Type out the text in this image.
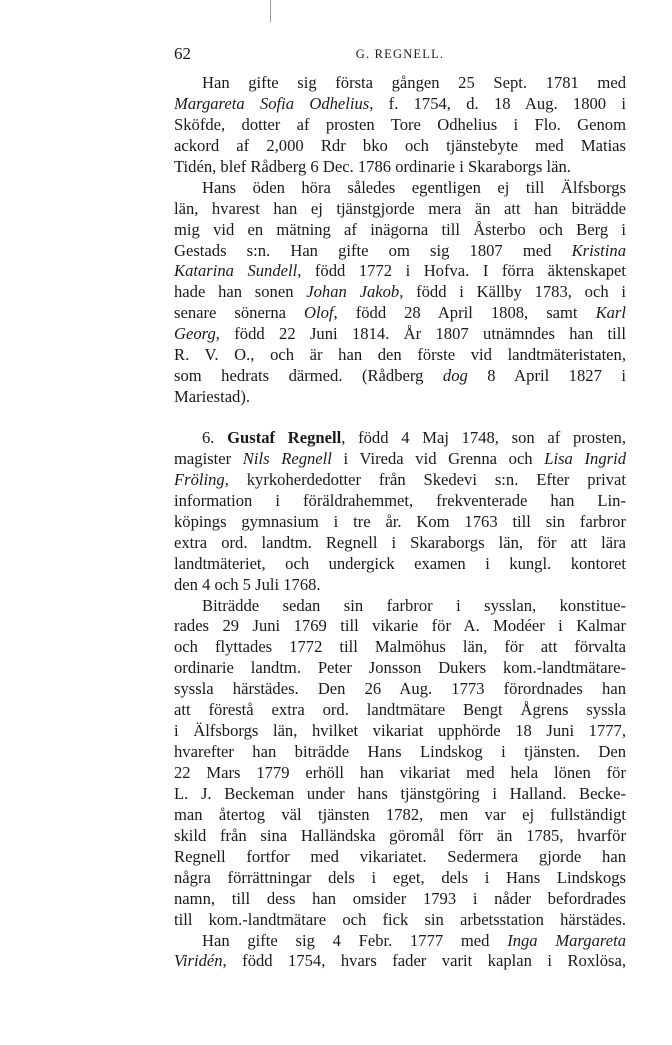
62	G. REGNELL.
Han gifte sig första gången 25 Sept. 1781 med
Margareta Sofia Odhelius, f. 1754, d. 18 Aug. 1800 i
Sköfde, dotter af prosten Tore Odhelius i Flo. Genom
ackord af 2,000 Rdr bko och tjänstebyte med Matias
Tidén, blef Rådberg 6 Dec. 1786 ordinarie i Skaraborgs län.
Hans öden höra således egentligen ej till Älfsborgs
län, hvarest han ej tjänstgjorde mera än att han biträdde
mig vid en mätning af inägorna till Åsterbo och Berg i
Gestads s:n. Han gifte om sig 1807 med Kristina
Katarina Sundell, född 1772 i Hofva. I förra äktenskapet
hade han sonen Johan Jakob, född i Källby 1783, och i
senare sönerna Olof, född 28 April 1808, samt Karl
Georg, född 22 Juni 1814. År 1807 utnämndes han till
R. V. O., och är han den förste vid landtmäteristaten,
som hedrats därmed. (Rådberg dog 8 April 1827 i
Mariestad).
6. Gustaf Regnell, född 4 Maj 1748, son af prosten,
magister Nils Regnell i Vireda vid Grenna och Lisa Ingrid
Fröling, kyrkoherdedotter från Skedevi s:n. Efter privat
information i föräldrahemmet, frekventerade han Lin-
köpings gymnasium i tre år. Kom 1763 till sin farbror
extra ord. landtm. Regnell i Skaraborgs län, för att lära
landtmäteriet, och undergick examen i kungl. kontoret
den 4 och 5 Juli 1768.
Biträdde sedan sin farbror i sysslan, konstitue-
rades 29 Juni 1769 till vikarie för A. Modéer i Kalmar
och flyttades 1772 till Malmöhus län, för att förvalta
ordinarie landtm. Peter Jonsson Dukers kom.-landtmätare-
syssla härstädes. Den 26 Aug. 1773 förordnades han
att förestå extra ord. landtmätare Bengt Ågrens syssla
i Älfsborgs län, hvilket vikariat upphörde 18 Juni 1777,
hvarefter han biträdde Hans Lindskog i tjänsten. Den
22 Mars 1779 erhöll han vikariat med hela lönen för
L. J. Beckeman under hans tjänstgöring i Halland. Becke-
man återtog väl tjänsten 1782, men var ej fullständigt
skild från sina Halländska göromål förr än 1785, hvarför
Regnell fortfor med vikariatet. Sedermera gjorde han
några förrättningar dels i eget, dels i Hans Lindskogs
namn, till dess han omsider 1793 i nåder befordrades
till kom.-landtmätare och fick sin arbetsstation härstädes.
Han gifte sig 4 Febr. 1777 med Inga Margareta
Viridén, född 1754, hvars fader varit kaplan i Roxlösa,
